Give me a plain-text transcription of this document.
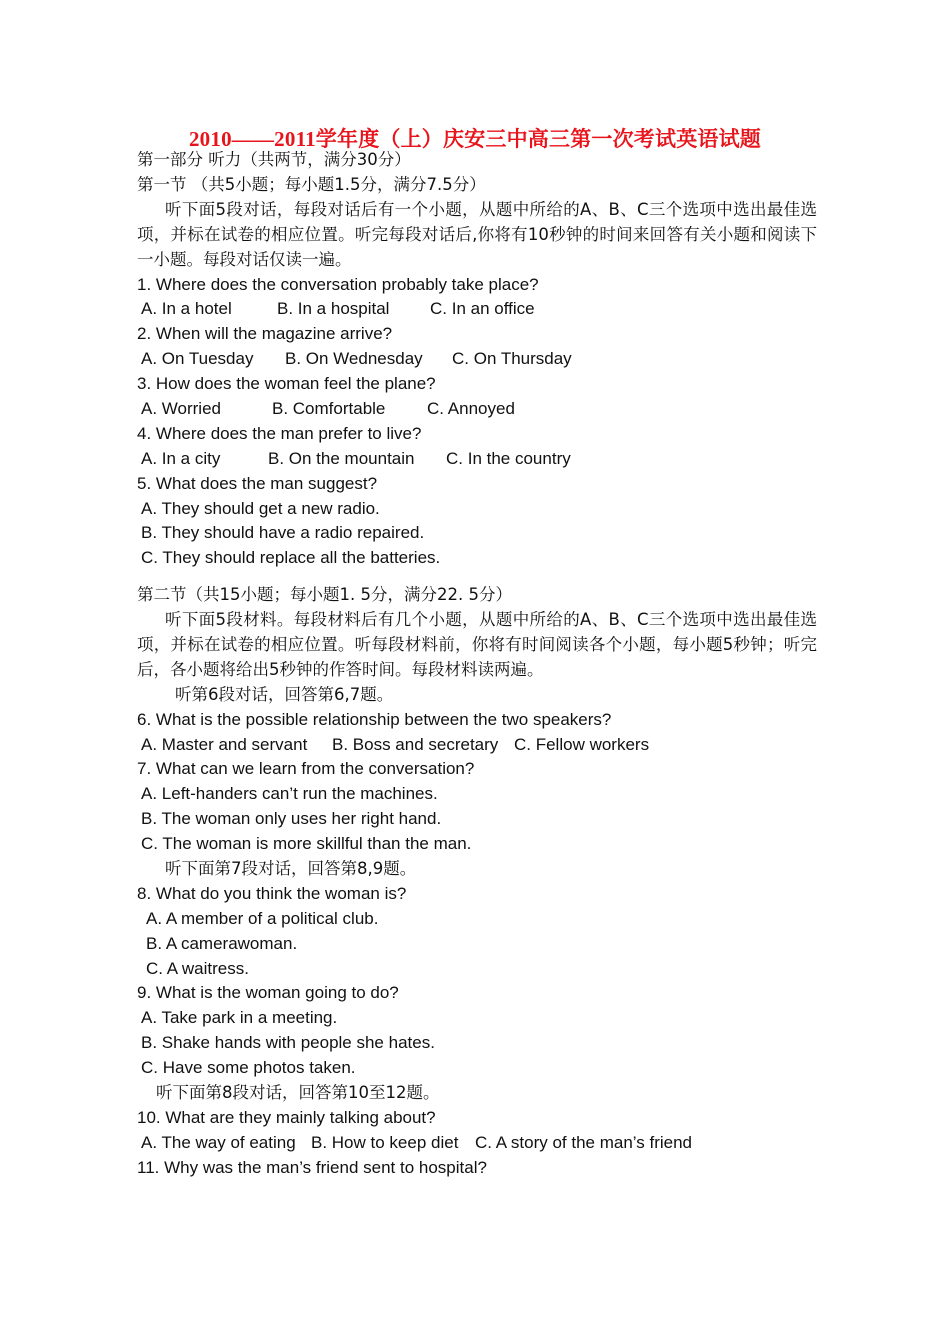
2010——2011学年度（上）庆安三中高三第一次考试英语试题
第一部分 听力（共两节，满分30分）
第一节 （共5小题；每小题1.5分，满分7.5分）
听下面5段对话，每段对话后有一个小题，从题中所给的A、B、C三个选项中选出最佳选项，并标在试卷的相应位置。听完每段对话后,你将有10秒钟的时间来回答有关小题和阅读下一小题。每段对话仅读一遍。
1. Where does the conversation probably take place?
A. In a hotel	B. In a hospital C. In an office
2. When will the magazine arrive?
A. On Tuesday B. On Wednesday C. On Thursday
3. How does the woman feel the plane?
A. Worried	B. Comfortable C. Annoyed
4. Where does the man prefer to live?
A. In a city	B. On the mountain C. In the country
5. What does the man suggest?
A. They should get a new radio.
B. They should have a radio repaired.
C. They should replace all the batteries.
第二节（共15小题；每小题1. 5分，满分22. 5分）
听下面5段材料。每段材料后有几个小题，从题中所给的A、B、C三个选项中选出最佳选项，并标在试卷的相应位置。听每段材料前，你将有时间阅读各个小题，每小题5秒钟；听完后，各小题将给出5秒钟的作答时间。每段材料读两遍。
听第6段对话，回答第6,7题。
6. What is the possible relationship between the two speakers?
A. Master and servant B. Boss and secretary C. Fellow workers
7. What can we learn from the conversation?
A. Left-handers can’t run the machines.
B. The woman only uses her right hand.
C. The woman is more skillful than the man.
听下面第7段对话，回答第8,9题。
8. What do you think the woman is?
A. A member of a political club.
B. A camerawoman.
C. A waitress.
9. What is the woman going to do?
A. Take park in a meeting.
B. Shake hands with people she hates.
C. Have some photos taken.
听下面第8段对话，回答第10至12题。
10. What are they mainly talking about?
A. The way of eating B. How to keep diet C. A story of the man’s friend
11. Why was the man’s friend sent to hospital?
